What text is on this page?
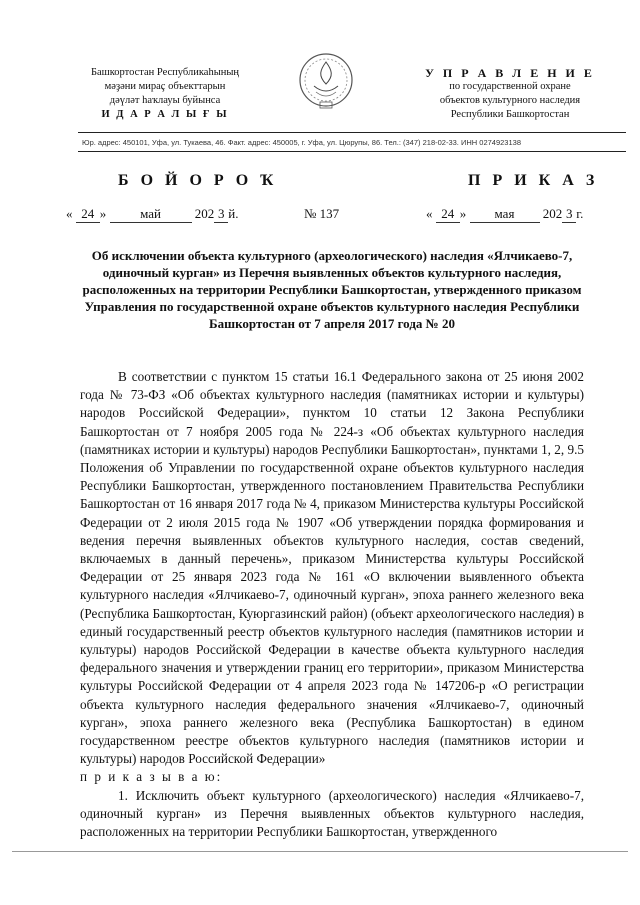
Башкортостан Республикаhының
мәҙәни мираҫ объекттарын
дәүләт һаҡлауы буйынса
И Д А Р А Л Ы Ғ Ы
У П Р А В Л Е Н И Е
по государственной охране
объектов культурного наследия
Республики Башкортостан
Юр. адрес: 450101, Уфа, ул. Тукаева, 46. Факт. адрес: 450005, г. Уфа, ул. Цюрупы, 86. Тел.: (347) 218-02-33. ИНН 0274923138
Б О Й О Р О Ҡ	П Р И К А З
« 24 »	май	202 3 й.	№ 137	« 24 » мая 202 3 г.
Об исключении объекта культурного (археологического) наследия «Ялчикаево-7, одиночный курган» из Перечня выявленных объектов культурного наследия, расположенных на территории Республики Башкортостан, утвержденного приказом Управления по государственной охране объектов культурного наследия Республики Башкортостан от 7 апреля 2017 года № 20

В соответствии с пунктом 15 статьи 16.1 Федерального закона от 25 июня 2002 года № 73-ФЗ «Об объектах культурного наследия (памятниках истории и культуры) народов Российской Федерации», пунктом 10 статьи 12 Закона Республики Башкортостан от 7 ноября 2005 года № 224-з «Об объектах культурного наследия (памятниках истории и культуры) народов Республики Башкортостан», пунктами 1, 2, 9.5 Положения об Управлении по государственной охране объектов культурного наследия Республики Башкортостан, утвержденного постановлением Правительства Республики Башкортостан от 16 января 2017 года № 4, приказом Министерства культуры Российской Федерации от 2 июля 2015 года № 1907 «Об утверждении порядка формирования и ведения перечня выявленных объектов культурного наследия, состав сведений, включаемых в данный перечень», приказом Министерства культуры Российской Федерации от 25 января 2023 года № 161 «О включении выявленного объекта культурного наследия «Ялчикаево-7, одиночный курган», эпоха раннего железного века (Республика Башкортостан, Куюргазинский район) (объект археологического наследия) в единый государственный реестр объектов культурного наследия (памятников истории и культуры) народов Российской Федерации в качестве объекта культурного наследия федерального значения и утверждении границ его территории», приказом Министерства культуры Российской Федерации от 4 апреля 2023 года № 147206-р «О регистрации объекта культурного наследия федерального значения «Ялчикаево-7, одиночный курган», эпоха раннего железного века (Республика Башкортостан) в едином государственном реестре объектов культурного наследия (памятников истории и культуры) народов Российской Федерации»

п р и к а з ы в а ю:

1. Исключить объект культурного (археологического) наследия «Ялчикаево-7, одиночный курган» из Перечня выявленных объектов культурного наследия, расположенных на территории Республики Башкортостан, утвержденного
